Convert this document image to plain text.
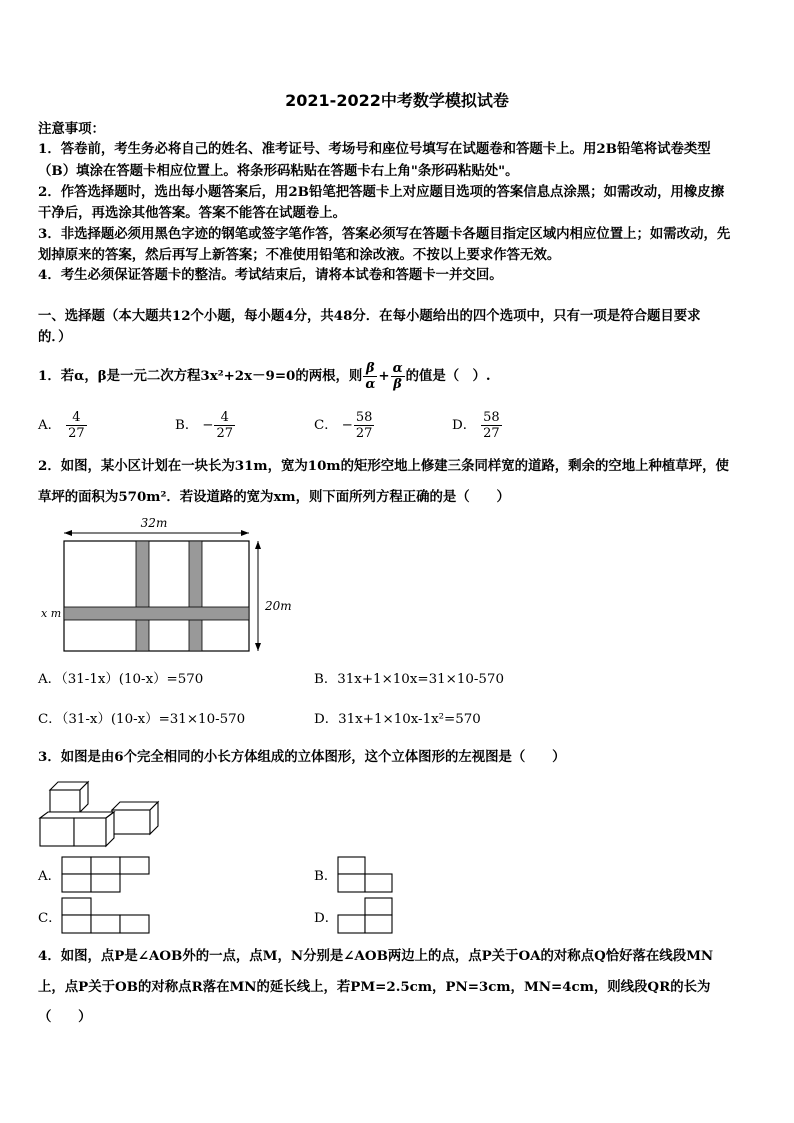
2021-2022中考数学模拟试卷
注意事项：
1．答卷前，考生务必将自己的姓名、准考证号、考场号和座位号填写在试题卷和答题卡上。用2B铅笔将试卷类型
（B）填涂在答题卡相应位置上。将条形码粘贴在答题卡右上角"条形码粘贴处"。
2．作答选择题时，选出每小题答案后，用2B铅笔把答题卡上对应题目选项的答案信息点涂黑；如需改动，用橡皮擦
干净后，再选涂其他答案。答案不能答在试题卷上。
3．非选择题必须用黑色字迹的钢笔或签字笔作答，答案必须写在答题卡各题目指定区域内相应位置上；如需改动，先
划掉原来的答案，然后再写上新答案；不准使用铅笔和涂改液。不按以上要求作答无效。
4．考生必须保证答题卡的整洁。考试结束后，请将本试卷和答题卡一并交回。
一、选择题（本大题共12个小题，每小题4分，共48分．在每小题给出的四个选项中，只有一项是符合题目要求
的．）
1．若α，β是一元二次方程3x²+2x－9=0的两根，则 $\frac{\beta}{\alpha} + \frac{\alpha}{\beta}$ 的值是（　）.
A． $\frac{4}{27}$	B． − $\frac{4}{27}$	C． − $\frac{58}{27}$	D． $\frac{58}{27}$
2．如图，某小区计划在一块长为31m，宽为10m的矩形空地上修建三条同样宽的道路，剩余的空地上种植草坪，使
草坪的面积为570m²．若设道路的宽为xm，则下面所列方程正确的是（　　）
32m
20m
x m
A．（31-1x）(10-x）=570	B．31x+1×10x=31×10-570
C．（31-x）(10-x）=31×10-570	D．31x+1×10x-1x²=570
3．如图是由6个完全相同的小长方体组成的立体图形，这个立体图形的左视图是（　　）
A．	B．
C．	D．
4．如图，点P是∠AOB外的一点，点M，N分别是∠AOB两边上的点，点P关于OA的对称点Q恰好落在线段MN
上，点P关于OB的对称点R落在MN的延长线上，若PM=2.5cm，PN=3cm，MN=4cm，则线段QR的长为
（　　）
